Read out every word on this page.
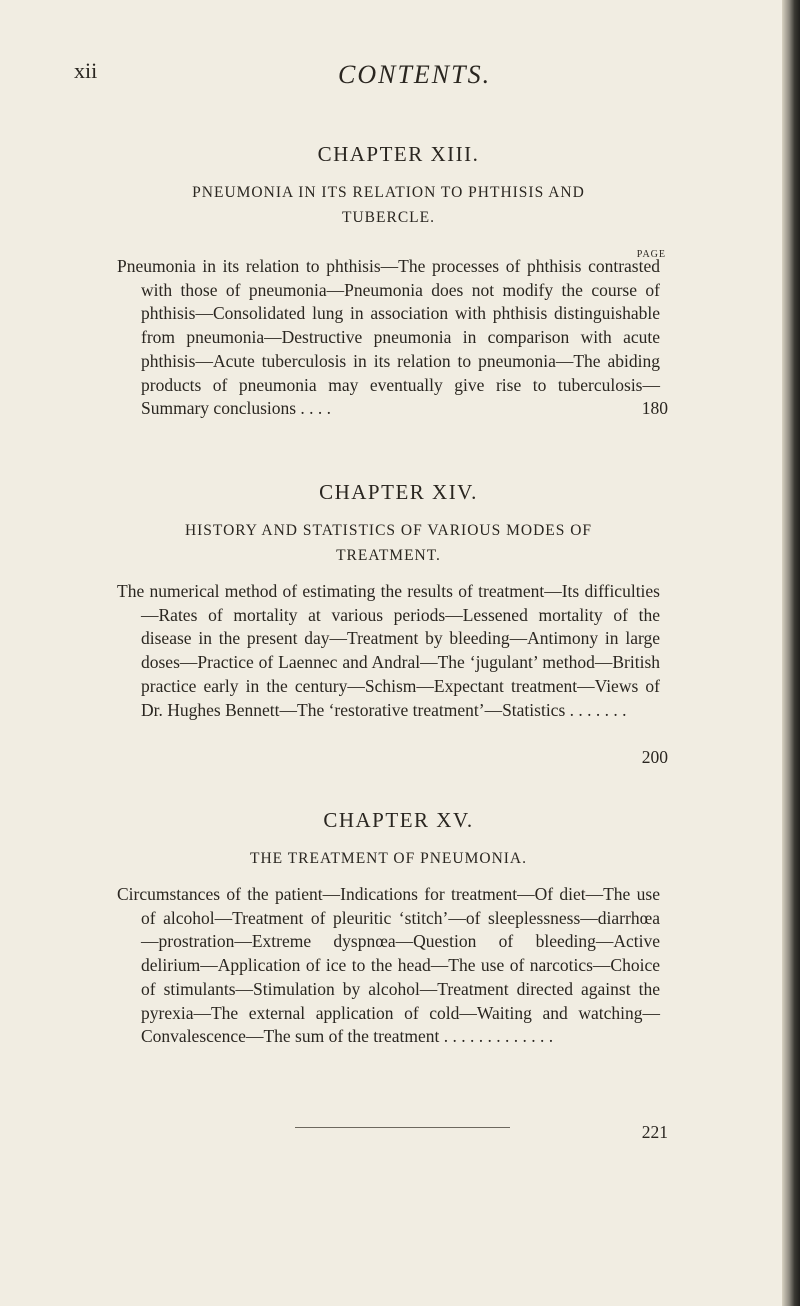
xii	CONTENTS.
CHAPTER XIII.
PNEUMONIA IN ITS RELATION TO PHTHISIS AND
TUBERCLE.
PAGE
Pneumonia in its relation to phthisis—The processes of phthisis contrasted with those of pneumonia—Pneumonia does not modify the course of phthisis—Consolidated lung in association with phthisis distinguishable from pneumonia—Destructive pneumonia in comparison with acute phthisis—Acute tuberculosis in its relation to pneumonia—The abiding products of pneumonia may eventually give rise to tuberculosis—Summary conclusions . . . .	180
CHAPTER XIV.
HISTORY AND STATISTICS OF VARIOUS MODES OF
TREATMENT.
The numerical method of estimating the results of treatment—Its difficulties—Rates of mortality at various periods—Lessened mortality of the disease in the present day—Treatment by bleeding—Antimony in large doses—Practice of Laennec and Andral—The ‘jugulant’ method—British practice early in the century—Schism—Expectant treatment—Views of Dr. Hughes Bennett—The ‘restorative treatment’—Statistics . . . . . . .
200
CHAPTER XV.
THE TREATMENT OF PNEUMONIA.
Circumstances of the patient—Indications for treatment—Of diet—The use of alcohol—Treatment of pleuritic ‘stitch’—of sleeplessness—diarrhœa—prostration—Extreme dyspnœa—Question of bleeding—Active delirium—Application of ice to the head—The use of narcotics—Choice of stimulants—Stimulation by alcohol—Treatment directed against the pyrexia—The external application of cold—Waiting and watching—Convalescence—The sum of the treatment . . . . . . . . . . . . .
221
